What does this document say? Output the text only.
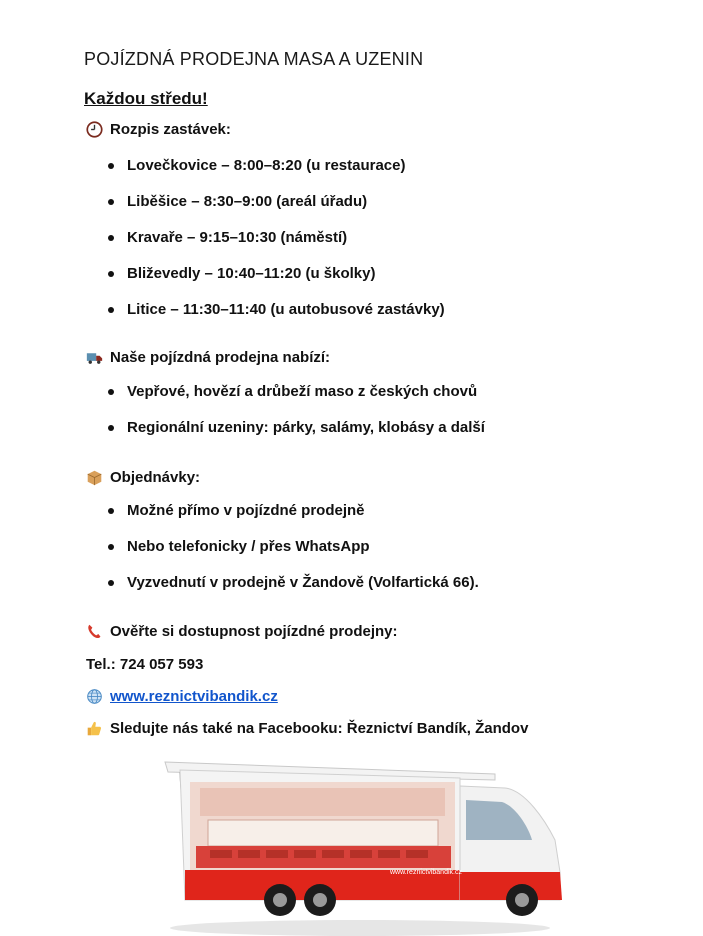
POJÍZDNÁ PRODEJNA MASA A UZENIN
Každou středu!
Rozpis zastávek:
Lovečkovice – 8:00–8:20 (u restaurace)
Liběšice – 8:30–9:00 (areál úřadu)
Kravaře – 9:15–10:30 (náměstí)
Bliževedly – 10:40–11:20 (u školky)
Litice – 11:30–11:40 (u autobusové zastávky)
Naše pojízdná prodejna nabízí:
Vepřové, hovězí a drůbeží maso z českých chovů
Regionální uzeniny: párky, salámy, klobásy a další
Objednávky:
Možné přímo v pojízdné prodejně
Nebo telefonicky / přes WhatsApp
Vyzvednutí v prodejně v Žandově (Volfartická 66).
Ověřte si dostupnost pojízdné prodejny:
Tel.: 724 057 593
www.reznictvibandik.cz
Sledujte nás také na Facebooku: Řeznictví Bandík, Žandov
www.reznictvibandik.cz
